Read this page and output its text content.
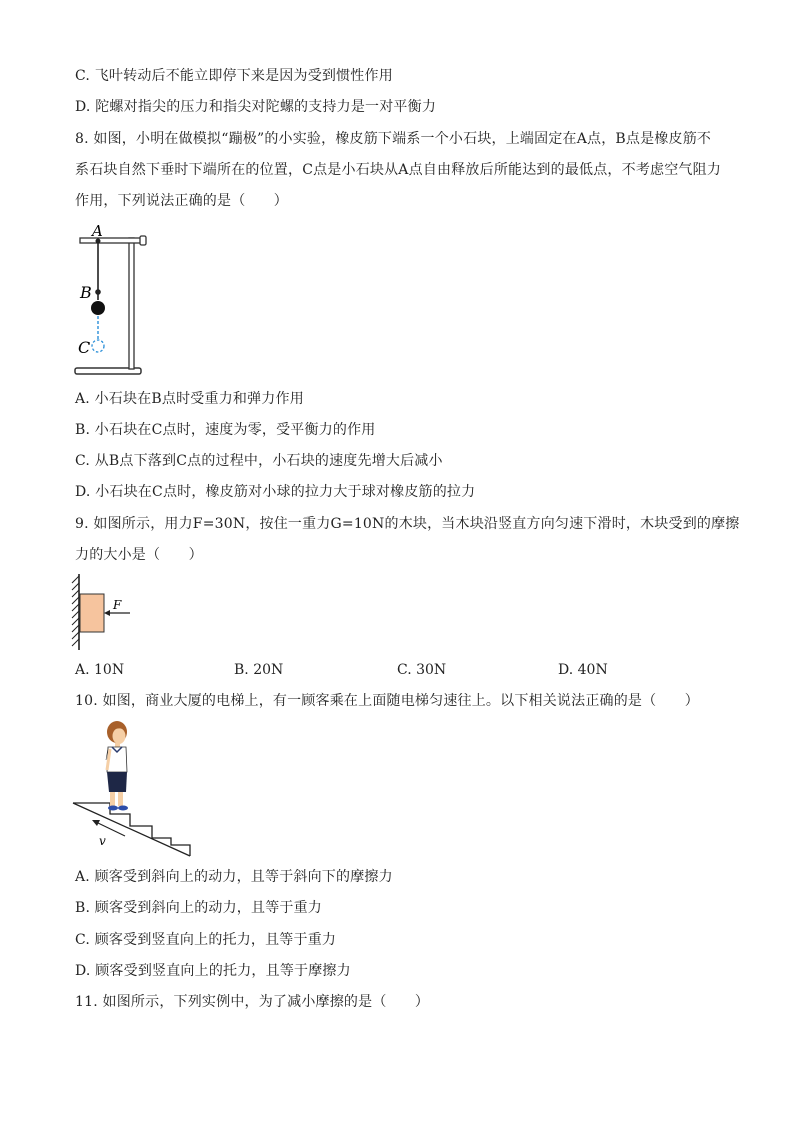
C. 飞叶转动后不能立即停下来是因为受到惯性作用
D. 陀螺对指尖的压力和指尖对陀螺的支持力是一对平衡力
8. 如图，小明在做模拟“蹦极”的小实验，橡皮筋下端系一个小石块，上端固定在A点，B点是橡皮筋不
系石块自然下垂时下端所在的位置，C点是小石块从A点自由释放后所能达到的最低点，不考虑空气阻力
作用，下列说法正确的是（　　）
A
B
C
A. 小石块在B点时受重力和弹力作用
B. 小石块在C点时，速度为零，受平衡力的作用
C. 从B点下落到C点的过程中，小石块的速度先增大后减小
D. 小石块在C点时，橡皮筋对小球的拉力大于球对橡皮筋的拉力
9. 如图所示，用力F=30N，按住一重力G=10N的木块，当木块沿竖直方向匀速下滑时，木块受到的摩擦
力的大小是（　　）
F
A. 10N	B. 20N	C. 30N	D. 40N
10. 如图，商业大厦的电梯上，有一顾客乘在上面随电梯匀速往上。以下相关说法正确的是（　　）
v
A. 顾客受到斜向上的动力，且等于斜向下的摩擦力
B. 顾客受到斜向上的动力，且等于重力
C. 顾客受到竖直向上的托力，且等于重力
D. 顾客受到竖直向上的托力，且等于摩擦力
11. 如图所示，下列实例中，为了减小摩擦的是（　　）
